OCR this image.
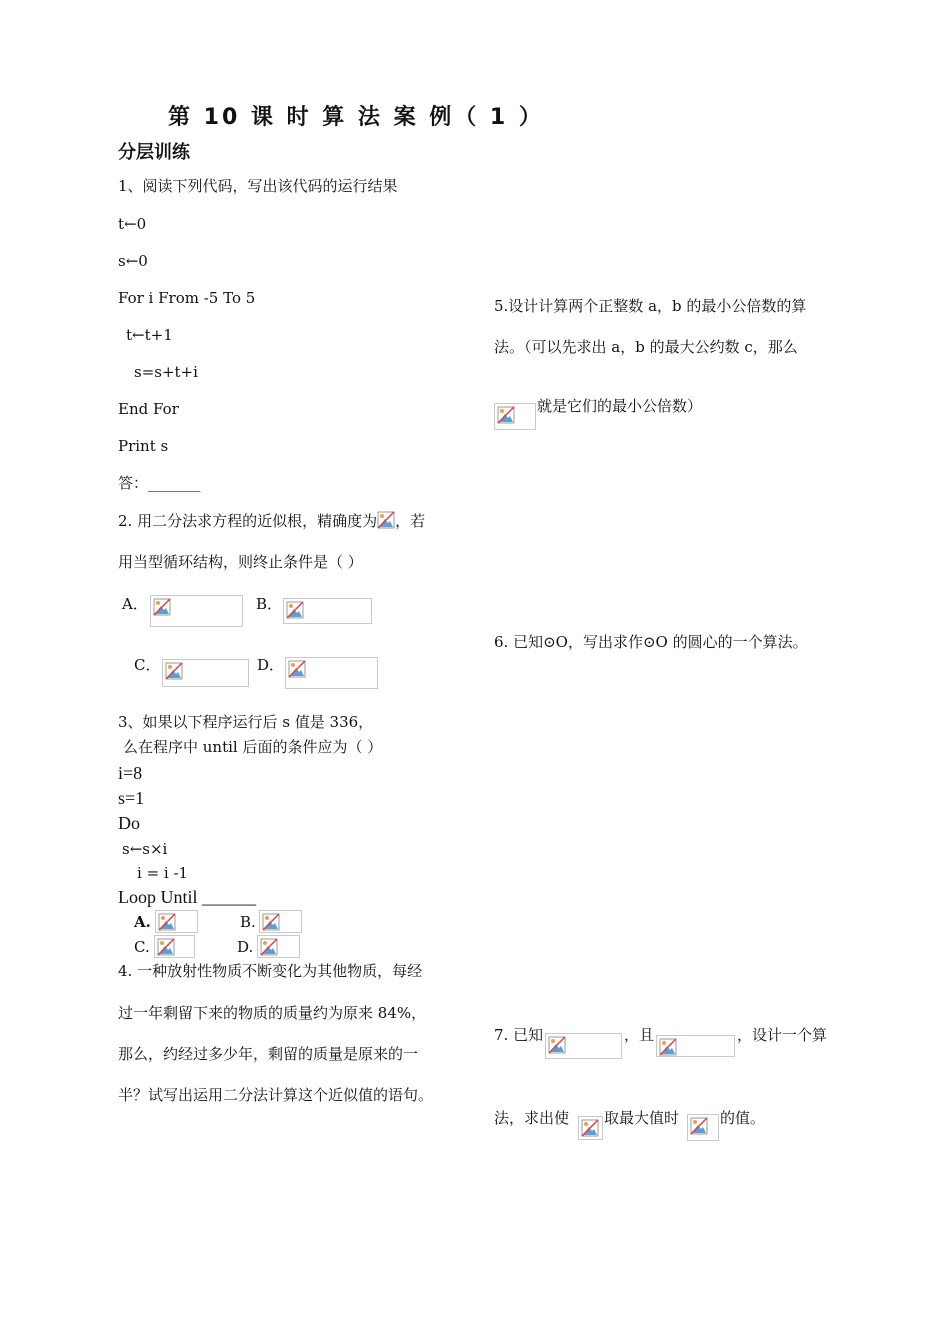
第 10 课 时 算 法 案 例（ 1 ）
分层训练
1、阅读下列代码，写出该代码的运行结果
t←0
s←0
For i From -5 To 5
t←t+1
s=s+t+i
End For
Print s
答：_______
2. 用二分法求方程的近似根，精确度为 ，若
用当型循环结构，则终止条件是（ ）
A．	B．
C．	D．
3、如果以下程序运行后 s 值是 336，
么在程序中 until 后面的条件应为（ ）
i=8
s=1
Do
s←s×i
i = i -1
Loop Until ______
A.	B.
C.	D.
4. 一种放射性物质不断变化为其他物质，每经
过一年剩留下来的物质的质量约为原来 84%，
那么，约经过多少年，剩留的质量是原来的一
半？试写出运用二分法计算这个近似值的语句。
5.设计计算两个正整数 a，b 的最小公倍数的算
法。（可以先求出 a，b 的最大公约数 c，那么
就是它们的最小公倍数）
6. 已知⊙O，写出求作⊙O 的圆心的一个算法。
7. 已知	，且	，设计一个算
法，求出使 取最大值时	的值。
